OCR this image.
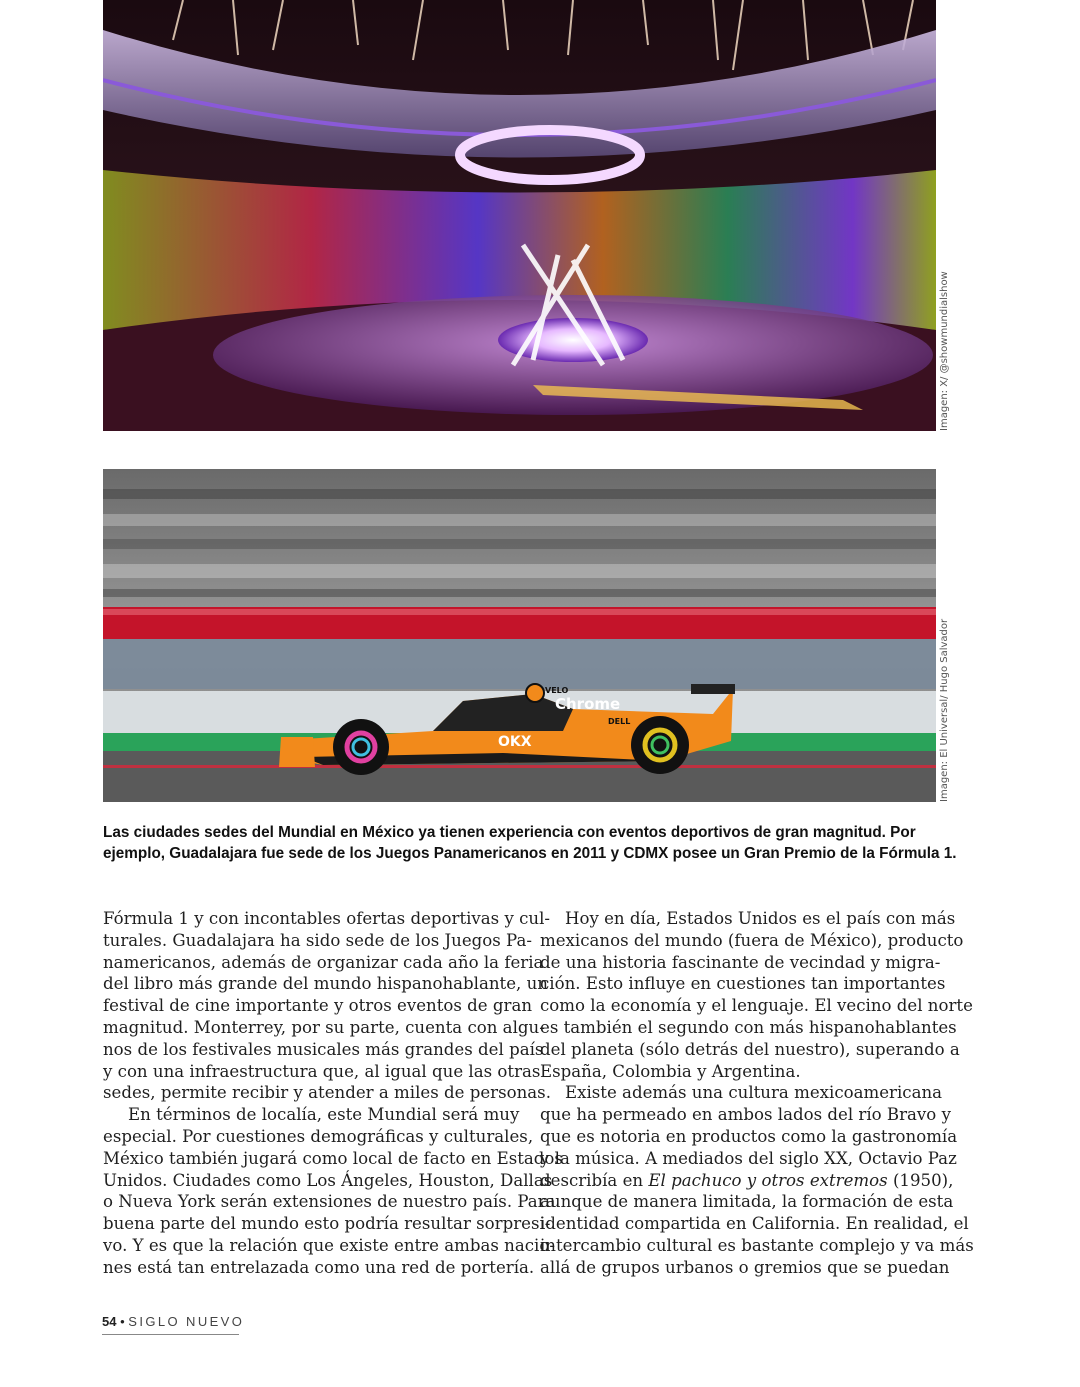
Imagen: X/ @showmundialshow
Chrome
VELO
OKX
DELL	Imagen: El Universal/ Hugo Salvador

Las ciudades sedes del Mundial en México ya tienen experiencia con eventos deportivos de gran magnitud. Por

ejemplo, Guadalajara fue sede de los Juegos Panamericanos en 2011 y CDMX posee un Gran Premio de la Fórmula 1.

Fórmula 1 y con incontables ofertas deportivas y cul-

turales. Guadalajara ha sido sede de los Juegos Pa-

namericanos, además de organizar cada año la feria

del libro más grande del mundo hispanohablante, un

festival de cine importante y otros eventos de gran

magnitud. Monterrey, por su parte, cuenta con algu-

nos de los festivales musicales más grandes del país

y con una infraestructura que, al igual que las otras

sedes, permite recibir y atender a miles de personas.

En términos de localía, este Mundial será muy

especial. Por cuestiones demográficas y culturales,

México también jugará como local de facto en Estados

Unidos. Ciudades como Los Ángeles, Houston, Dallas

o Nueva York serán extensiones de nuestro país. Para

buena parte del mundo esto podría resultar sorpresi-

vo. Y es que la relación que existe entre ambas nacio-

nes está tan entrelazada como una red de portería.

Hoy en día, Estados Unidos es el país con más

mexicanos del mundo (fuera de México), producto

de una historia fascinante de vecindad y migra-

ción. Esto influye en cuestiones tan importantes

como la economía y el lenguaje. El vecino del norte

es también el segundo con más hispanohablantes

del planeta (sólo detrás del nuestro), superando a

España, Colombia y Argentina.

Existe además una cultura mexicoamericana

que ha permeado en ambos lados del río Bravo y

que es notoria en productos como la gastronomía

y la música. A mediados del siglo XX, Octavio Paz

describía en El pachuco y otros extremos (1950),

aunque de manera limitada, la formación de esta

identidad compartida en California. En realidad, el

intercambio cultural es bastante complejo y va más

allá de grupos urbanos o gremios que se puedan

54 • SIGLO NUEVO
